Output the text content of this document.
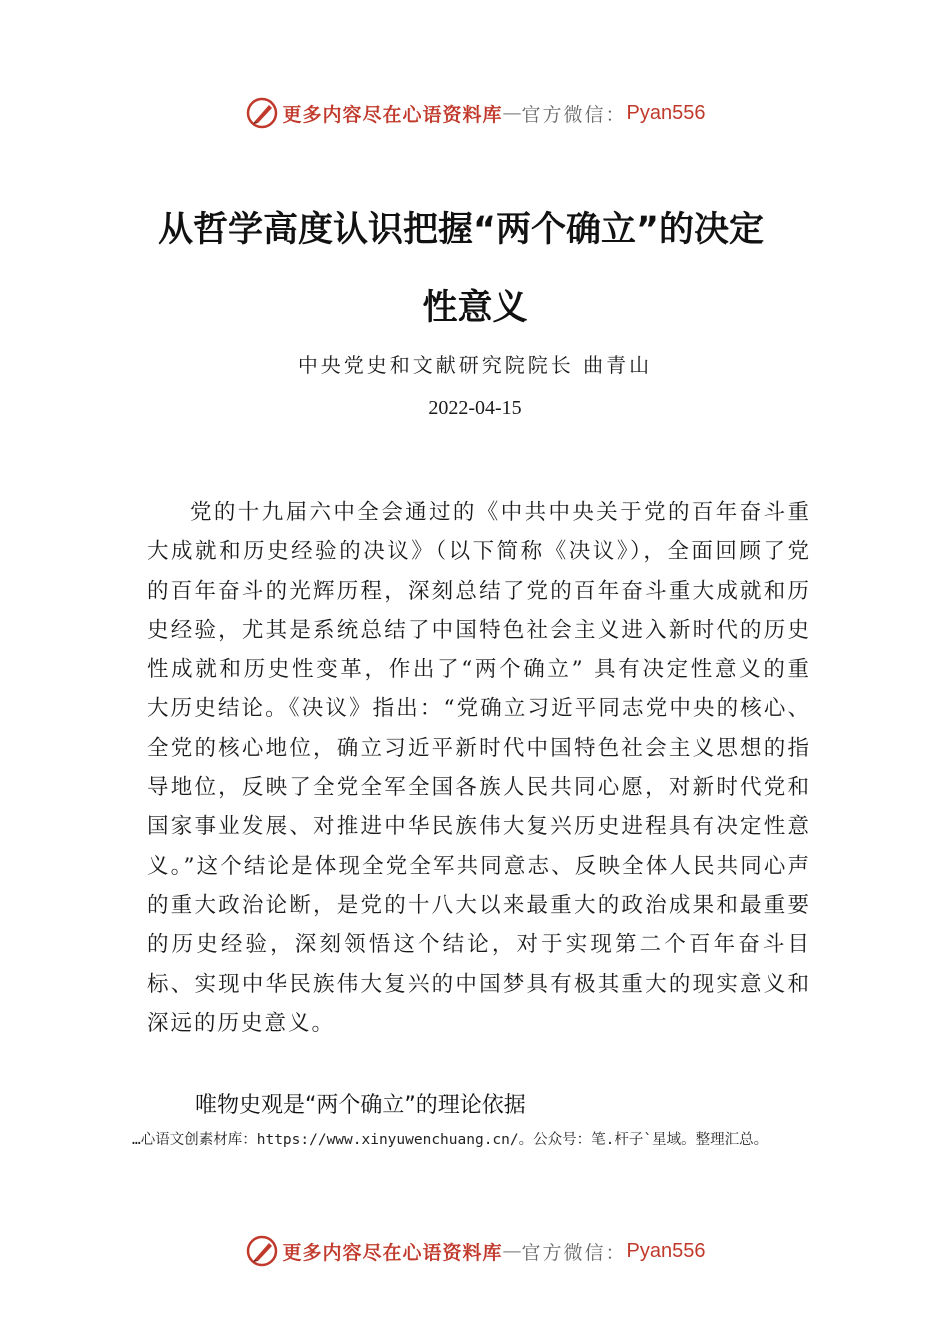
更多内容尽在心语资料库 — 官方微信： Pyan556
从哲学高度认识把握“两个确立”的决定
性意义
中央党史和文献研究院院长 曲青山
2022-04-15
党的十九届六中全会通过的《中共中央关于党的百年奋斗重大成就和历史经验的决议》（以下简称《决议》），全面回顾了党的百年奋斗的光辉历程，深刻总结了党的百年奋斗重大成就和历史经验，尤其是系统总结了中国特色社会主义进入新时代的历史性成就和历史性变革，作出了“两个确立” 具有决定性意义的重大历史结论。《决议》指出：“党确立习近平同志党中央的核心、全党的核心地位，确立习近平新时代中国特色社会主义思想的指导地位，反映了全党全军全国各族人民共同心愿，对新时代党和国家事业发展、对推进中华民族伟大复兴历史进程具有决定性意义。”这个结论是体现全党全军共同意志、反映全体人民共同心声的重大政治论断，是党的十八大以来最重大的政治成果和最重要的历史经验，深刻领悟这个结论，对于实现第二个百年奋斗目标、实现中华民族伟大复兴的中国梦具有极其重大的现实意义和深远的历史意义。
唯物史观是“两个确立”的理论依据
…心语文创素材库：https://www.xinyuwenchuang.cn/。公众号：笔.杆子`星域。整理汇总。
更多内容尽在心语资料库 — 官方微信： Pyan556
